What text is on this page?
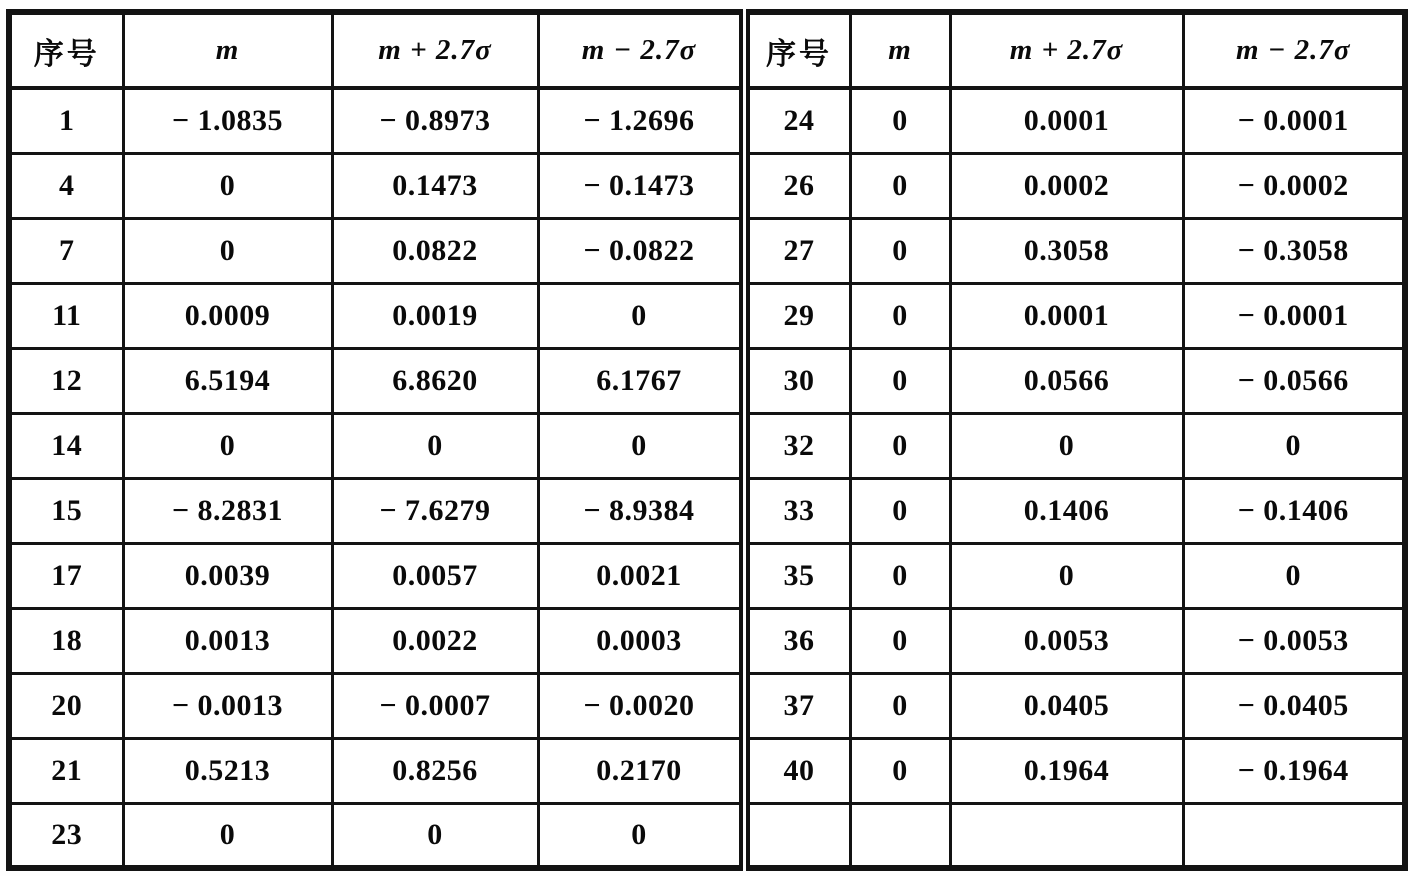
序号	m	m + 2.7σ	m − 2.7σ	序号	m	m + 2.7σ	m − 2.7σ
1	− 1.0835	− 0.8973	− 1.2696	24	0	0.0001	− 0.0001
4	0	0.1473	− 0.1473	26	0	0.0002	− 0.0002
7	0	0.0822	− 0.0822	27	0	0.3058	− 0.3058
11	0.0009	0.0019	0	29	0	0.0001	− 0.0001
12	6.5194	6.8620	6.1767	30	0	0.0566	− 0.0566
14	0	0	0	32	0	0	0
15	− 8.2831	− 7.6279	− 8.9384	33	0	0.1406	− 0.1406
17	0.0039	0.0057	0.0021	35	0	0	0
18	0.0013	0.0022	0.0003	36	0	0.0053	− 0.0053
20	− 0.0013	− 0.0007	− 0.0020	37	0	0.0405	− 0.0405
21	0.5213	0.8256	0.2170	40	0	0.1964	− 0.1964
23	0	0	0				
